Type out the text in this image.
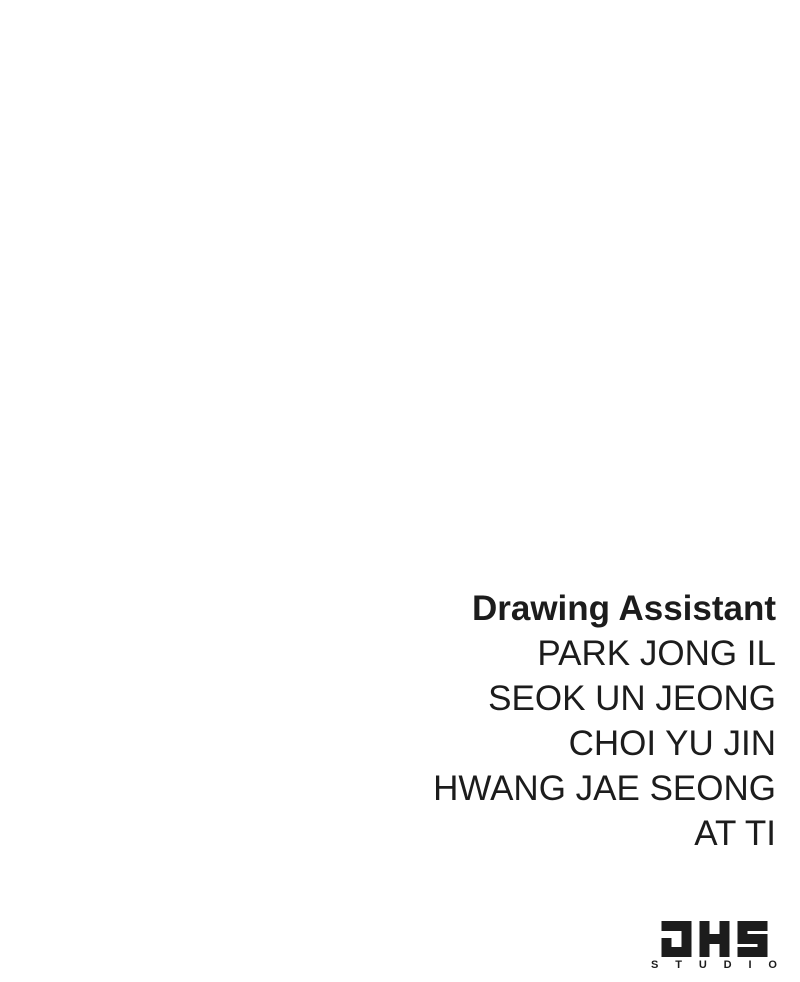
Drawing Assistant
PARK JONG IL
SEOK UN JEONG
CHOI YU JIN
HWANG JAE SEONG
AT TI
S T U D I O
